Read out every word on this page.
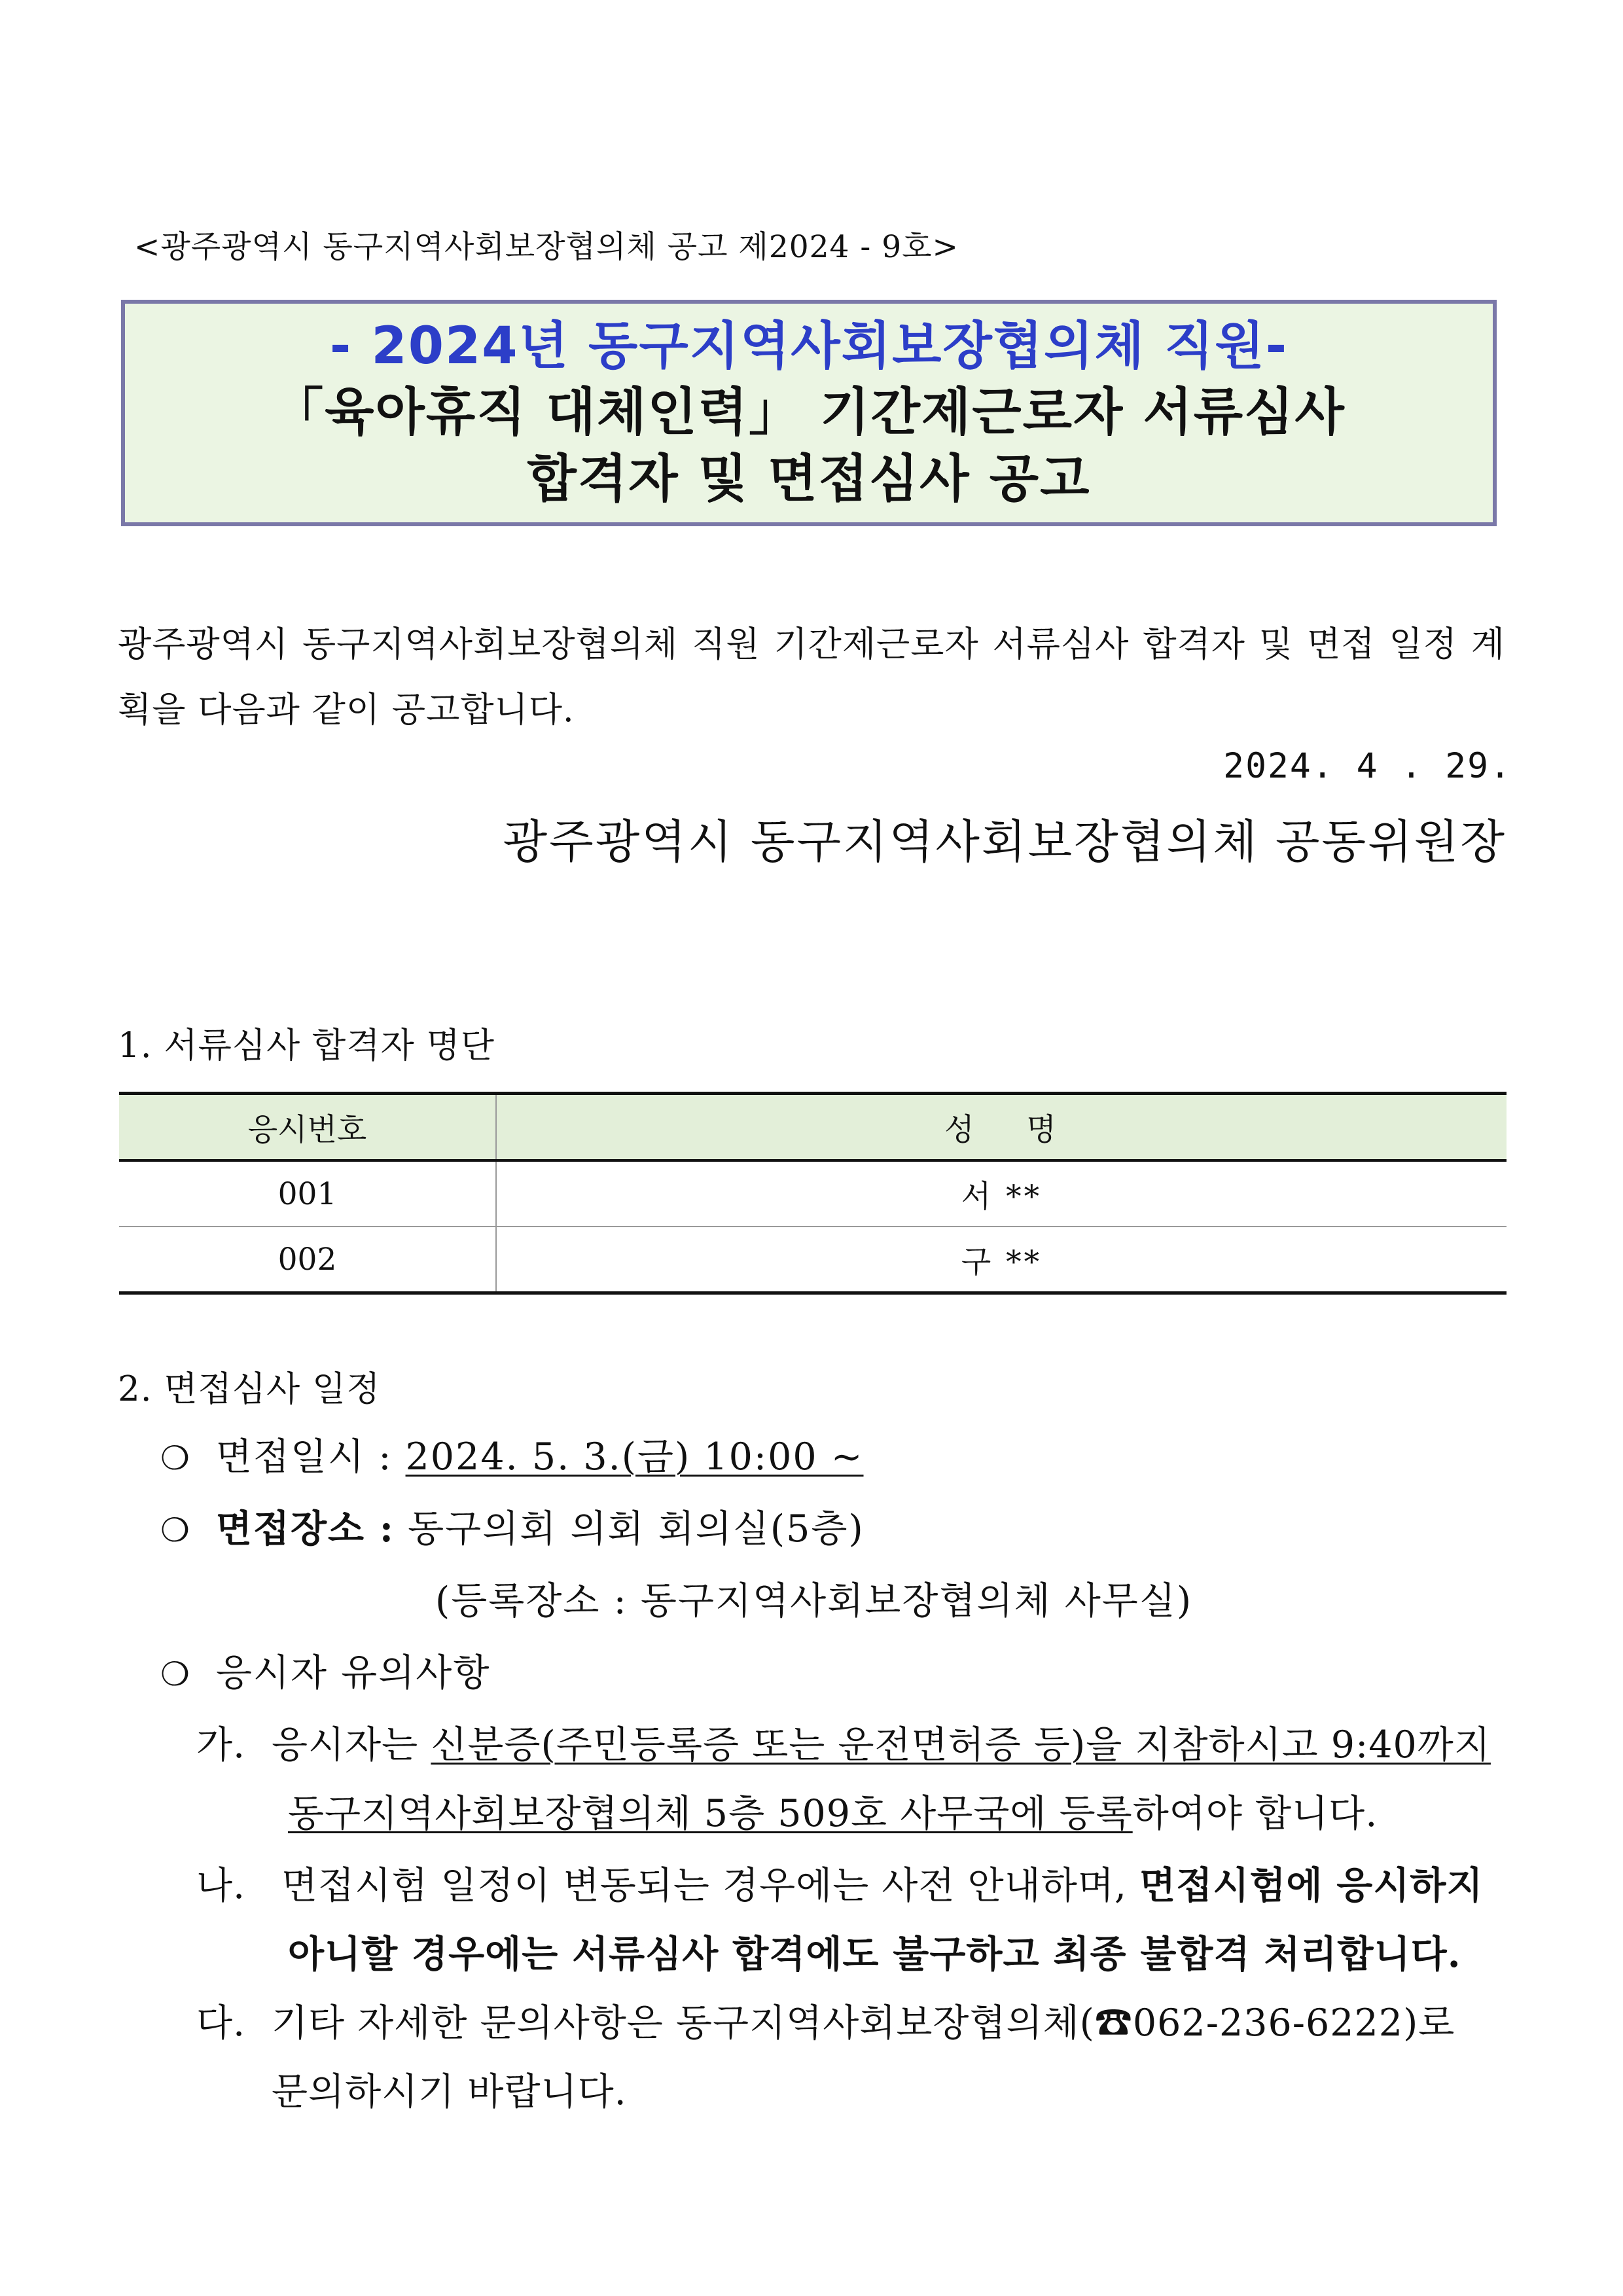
<광주광역시 동구지역사회보장협의체 공고 제2024 - 9호>
- 2024년 동구지역사회보장협의체 직원-
「육아휴직 대체인력」 기간제근로자 서류심사
합격자 및 면접심사 공고
광주광역시 동구지역사회보장협의체 직원 기간제근로자 서류심사 합격자 및 면접 일정 계획을 다음과 같이 공고합니다.
2024. 4 . 29.
광주광역시 동구지역사회보장협의체 공동위원장
1. 서류심사 합격자 명단
응시번호	성    명
001	서 **
002	구 **
2. 면접심사 일정
❍ 면접일시 : 2024. 5. 3.(금) 10:00 ~
❍ 면접장소 : 동구의회 의회 회의실(5층)
(등록장소 : 동구지역사회보장협의체 사무실)
❍ 응시자 유의사항
가. 응시자는 신분증(주민등록증 또는 운전면허증 등)을 지참하시고 9:40까지
동구지역사회보장협의체 5층 509호 사무국에 등록하여야 합니다.
나. 면접시험 일정이 변동되는 경우에는 사전 안내하며, 면접시험에 응시하지
아니할 경우에는 서류심사 합격에도 불구하고 최종 불합격 처리합니다.
다. 기타 자세한 문의사항은 동구지역사회보장협의체(☎062-236-6222)로
문의하시기 바랍니다.
